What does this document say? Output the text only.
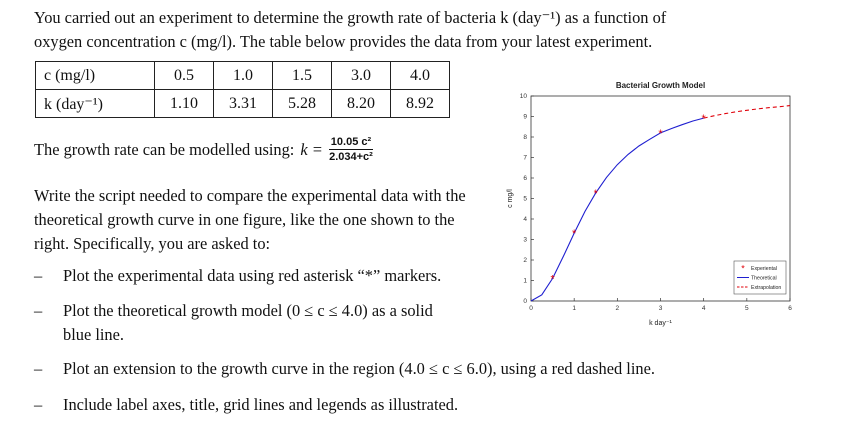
You carried out an experiment to determine the growth rate of bacteria k (day⁻¹) as a function of
oxygen concentration c (mg/l). The table below provides the data from your latest experiment.
c (mg/l)	0.5	1.0	1.5	3.0	4.0
k (day⁻¹)	1.10	3.31	5.28	8.20	8.92
The growth rate can be modelled using: $k = \frac{\text{10.05 c²}}{\text{2.034+c²}}$
Write the script needed to compare the experimental data with the theoretical growth curve in one figure, like the one shown to the right. Specifically, you are asked to:
– Plot the experimental data using red asterisk “*” markers.
– Plot the theoretical growth model (0 ≤ c ≤ 4.0) as a solid
blue line.
– Plot an extension to the growth curve in the region (4.0 ≤ c ≤ 6.0), using a red dashed line.
– Include label axes, title, grid lines and legends as illustrated.
Bacterial Growth Model
0	1	2	3	4	5	6
0
1
2
3
4
5
6
7
8
9
10
k day⁻¹
c mg/l
*
*
*
*
*
* Experiental
Theoretical
Extrapolation
